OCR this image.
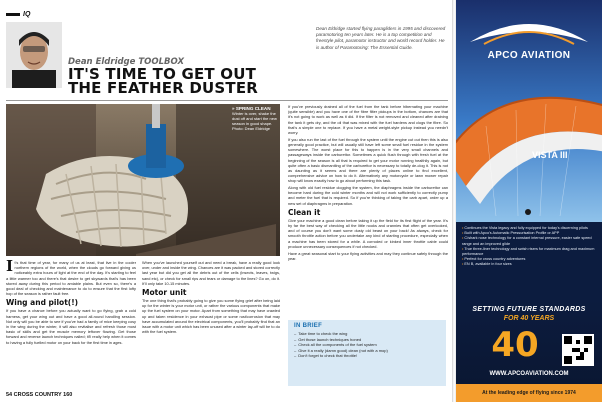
IQ
Dean Eldridge TOOLBOX
IT'S TIME TO GET OUT
THE FEATHER DUSTER
Dean Eldridge started flying paragliders in 1995 and discovered paramotoring ten years later. He is a top competition and freestyle pilot, paramotor instructor and world record holder. He is author of Paramotoring: The Essential Guide.
» SPRING CLEAN
Winter is over, shake the dust off and start the new season in good shape. Photo: Dean Eldridge

It's that time of year, for many of us at least, that live in the cooler northern regions of the world, when the clouds go forward giving us noticeably extra hours of light at the end of the day. It's starting to feel a little warmer too and there's that desire to get skywards that's has been stored away during this period to amiable plains. But even so, there's a good deal of checking and maintenance to do to ensure that the first lofty hop of the season is rather fault free.

Wing and pilot(!)

If you have a chance before you actually want to go flying, grab a cold harness, get your wing out and have a good all-round handling session. Not only will you be able to see if you've had a family of mice keeping cosy in the wing during the winter, it will also revitalise and refresh those most basic of skills and get the muscle memory leftover flowing. Get those forward and reverse launch techniques nailed; it'll really help when it comes to having a fully fuelled motor on your back for the first time in ages.

When you've launched yourself out and need a break, have a really good look over, under and inside the wing. Chances are it was packed and stored correctly last year but did you get all the debris out of the cells (insects, leaves, twigs, sand etc), or check for small rips and tears or damage to the lines? Go on, do it. It'll only take 10-15 minutes.

Motor unit

The one thing that's probably going to give you some flying grief after being laid up for the winter is your motor unit, or rather the various components that make up the fuel system on your motor. Apart from something that may have crawled up and taken residence in your exhaust pipe or some rust/corrosion that may have accumulated around the electrical components, you'll probably find that an issue with a motor unit which has been unused after a winter lay-off will be to do with the fuel system.

If you've previously drained all of the fuel from the tank before hibernating your machine (quite sensible) and you have one of the fibre filter pickups in the bottom, chances are that it's not going to work as well as it did. If the filter is not removed and cleaned after draining the tank it gets dry, and the oil that was mixed with the fuel hardens and clogs the fibre. So that's a simple one to replace. If you have a metal weight-style pickup instead you needn't worry.

If you also run the last of the fuel through the system until the engine cut out then this is also generally good practice, but will usually still have left some small fuel residue in the system somewhere. The worst place for this to happen is in the very small channels and passageways inside the carburettor. Sometimes a quick flush through with fresh fuel at the beginning of the season is all that is required to get your motor running healthily again, but quite often a basic dismantling of the carburettor is necessary to totally de-clog it. This is not as daunting as it seems and there are plenty of places online to find excellent, comprehensive advice on how to do it. Alternatively any motorcycle or lawn mower repair shop will know exactly how to go about performing this task.

Along with old fuel residue clogging the system, the diaphragms inside the carburettor can become hard during the cold winter months and will not work sufficiently to correctly pump and meter the fuel that is required. So if you're thinking of taking the carb apart, order up a new set of diaphragms in preparation.

Clean it

Give your machine a good clean before taking it up the field for its first flight of the year. It's by far the best way of checking all the little nooks and crannies that often get overlooked, and of course you don't want some dusty old beast on your back! As always, check for smooth throttle action before you undertake any kind of starting procedure, especially when a machine has been stored for a while. A corroded or kinked inner throttle cable could produce unnecessary consequences if not checked.

Have a great seasonal start to your flying activities and may they continue safely through the year.

IN BRIEF
– Take time to check the wing
– Get those launch techniques honed
– Check all the components of the fuel system
– Give it a really (damn good) clean (not with a mop)
– Don't forget to check that throttle!
54 CROSS COUNTRY 160
APCO AVIATION
VISTA III
• Continues the Vista legacy and fully equipped for today's discerning pilots
• Built with Apco's Automatic Pressurisation Profile or APP
• C/shark nose technology for a constant internal pressure, easier safe speed range and an improved glide
• True three-liner technology and swish risers for maximum drag and maximum performance
• Perfect for cross country adventures
• EN B, available in four sizes
SETTING FUTURE STANDARDS
FOR 40 YEARS
40
WWW.APCOAVIATION.COM
At the leading edge of flying since 1974
